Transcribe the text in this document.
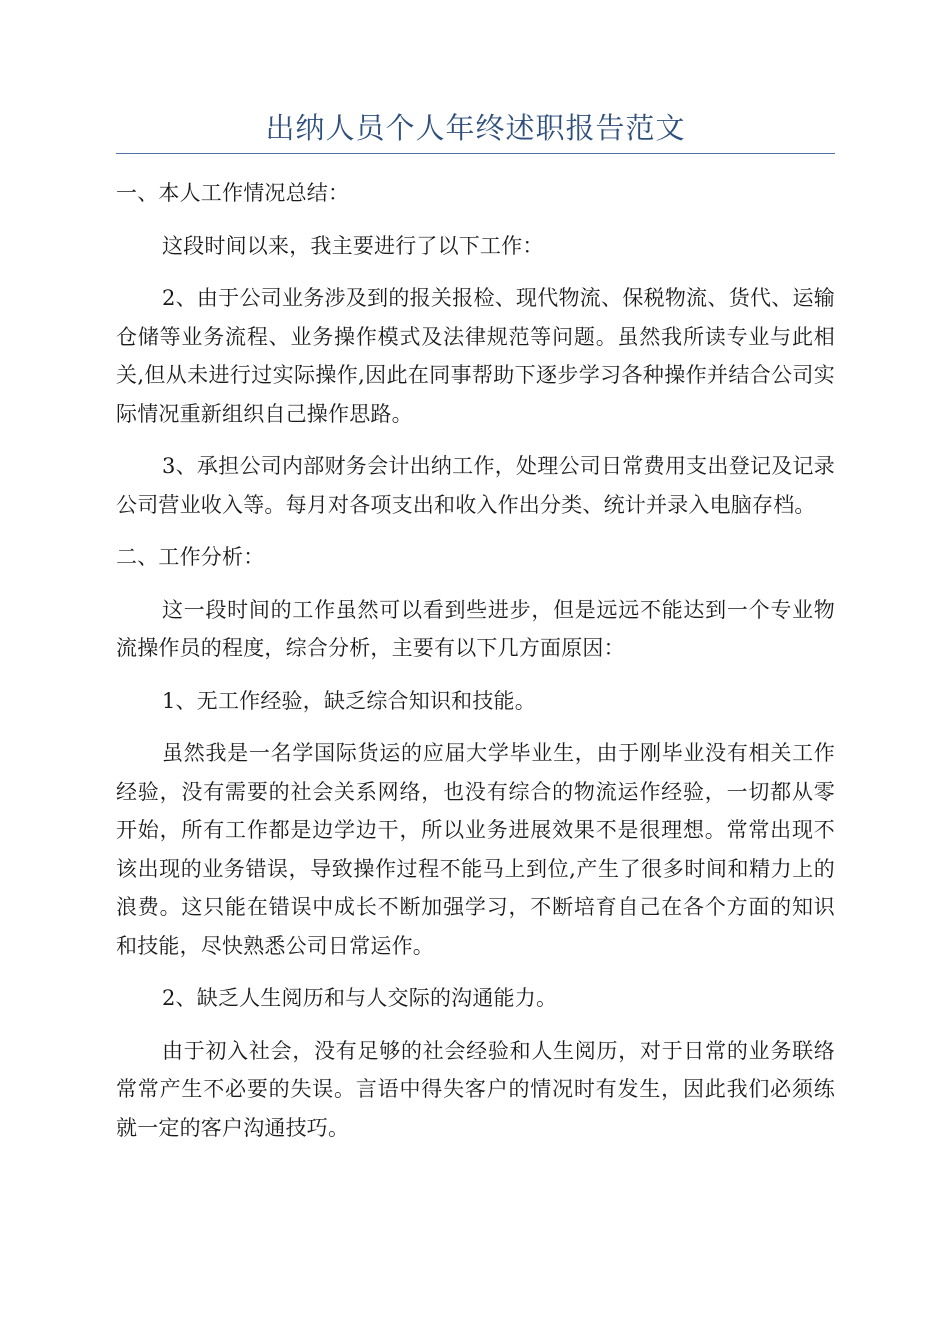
出纳人员个人年终述职报告范文

一、本人工作情况总结：

这段时间以来，我主要进行了以下工作：

2、由于公司业务涉及到的报关报检、现代物流、保税物流、货代、运输仓储等业务流程、业务操作模式及法律规范等问题。虽然我所读专业与此相关,但从未进行过实际操作,因此在同事帮助下逐步学习各种操作并结合公司实际情况重新组织自己操作思路。

3、承担公司内部财务会计出纳工作，处理公司日常费用支出登记及记录公司营业收入等。每月对各项支出和收入作出分类、统计并录入电脑存档。

二、工作分析：

这一段时间的工作虽然可以看到些进步，但是远远不能达到一个专业物流操作员的程度，综合分析，主要有以下几方面原因：

1、无工作经验，缺乏综合知识和技能。

虽然我是一名学国际货运的应届大学毕业生，由于刚毕业没有相关工作经验，没有需要的社会关系网络，也没有综合的物流运作经验，一切都从零开始，所有工作都是边学边干，所以业务进展效果不是很理想。常常出现不该出现的业务错误，导致操作过程不能马上到位,产生了很多时间和精力上的浪费。这只能在错误中成长不断加强学习，不断培育自己在各个方面的知识和技能，尽快熟悉公司日常运作。

2、缺乏人生阅历和与人交际的沟通能力。

由于初入社会，没有足够的社会经验和人生阅历，对于日常的业务联络常常产生不必要的失误。言语中得失客户的情况时有发生，因此我们必须练就一定的客户沟通技巧。
